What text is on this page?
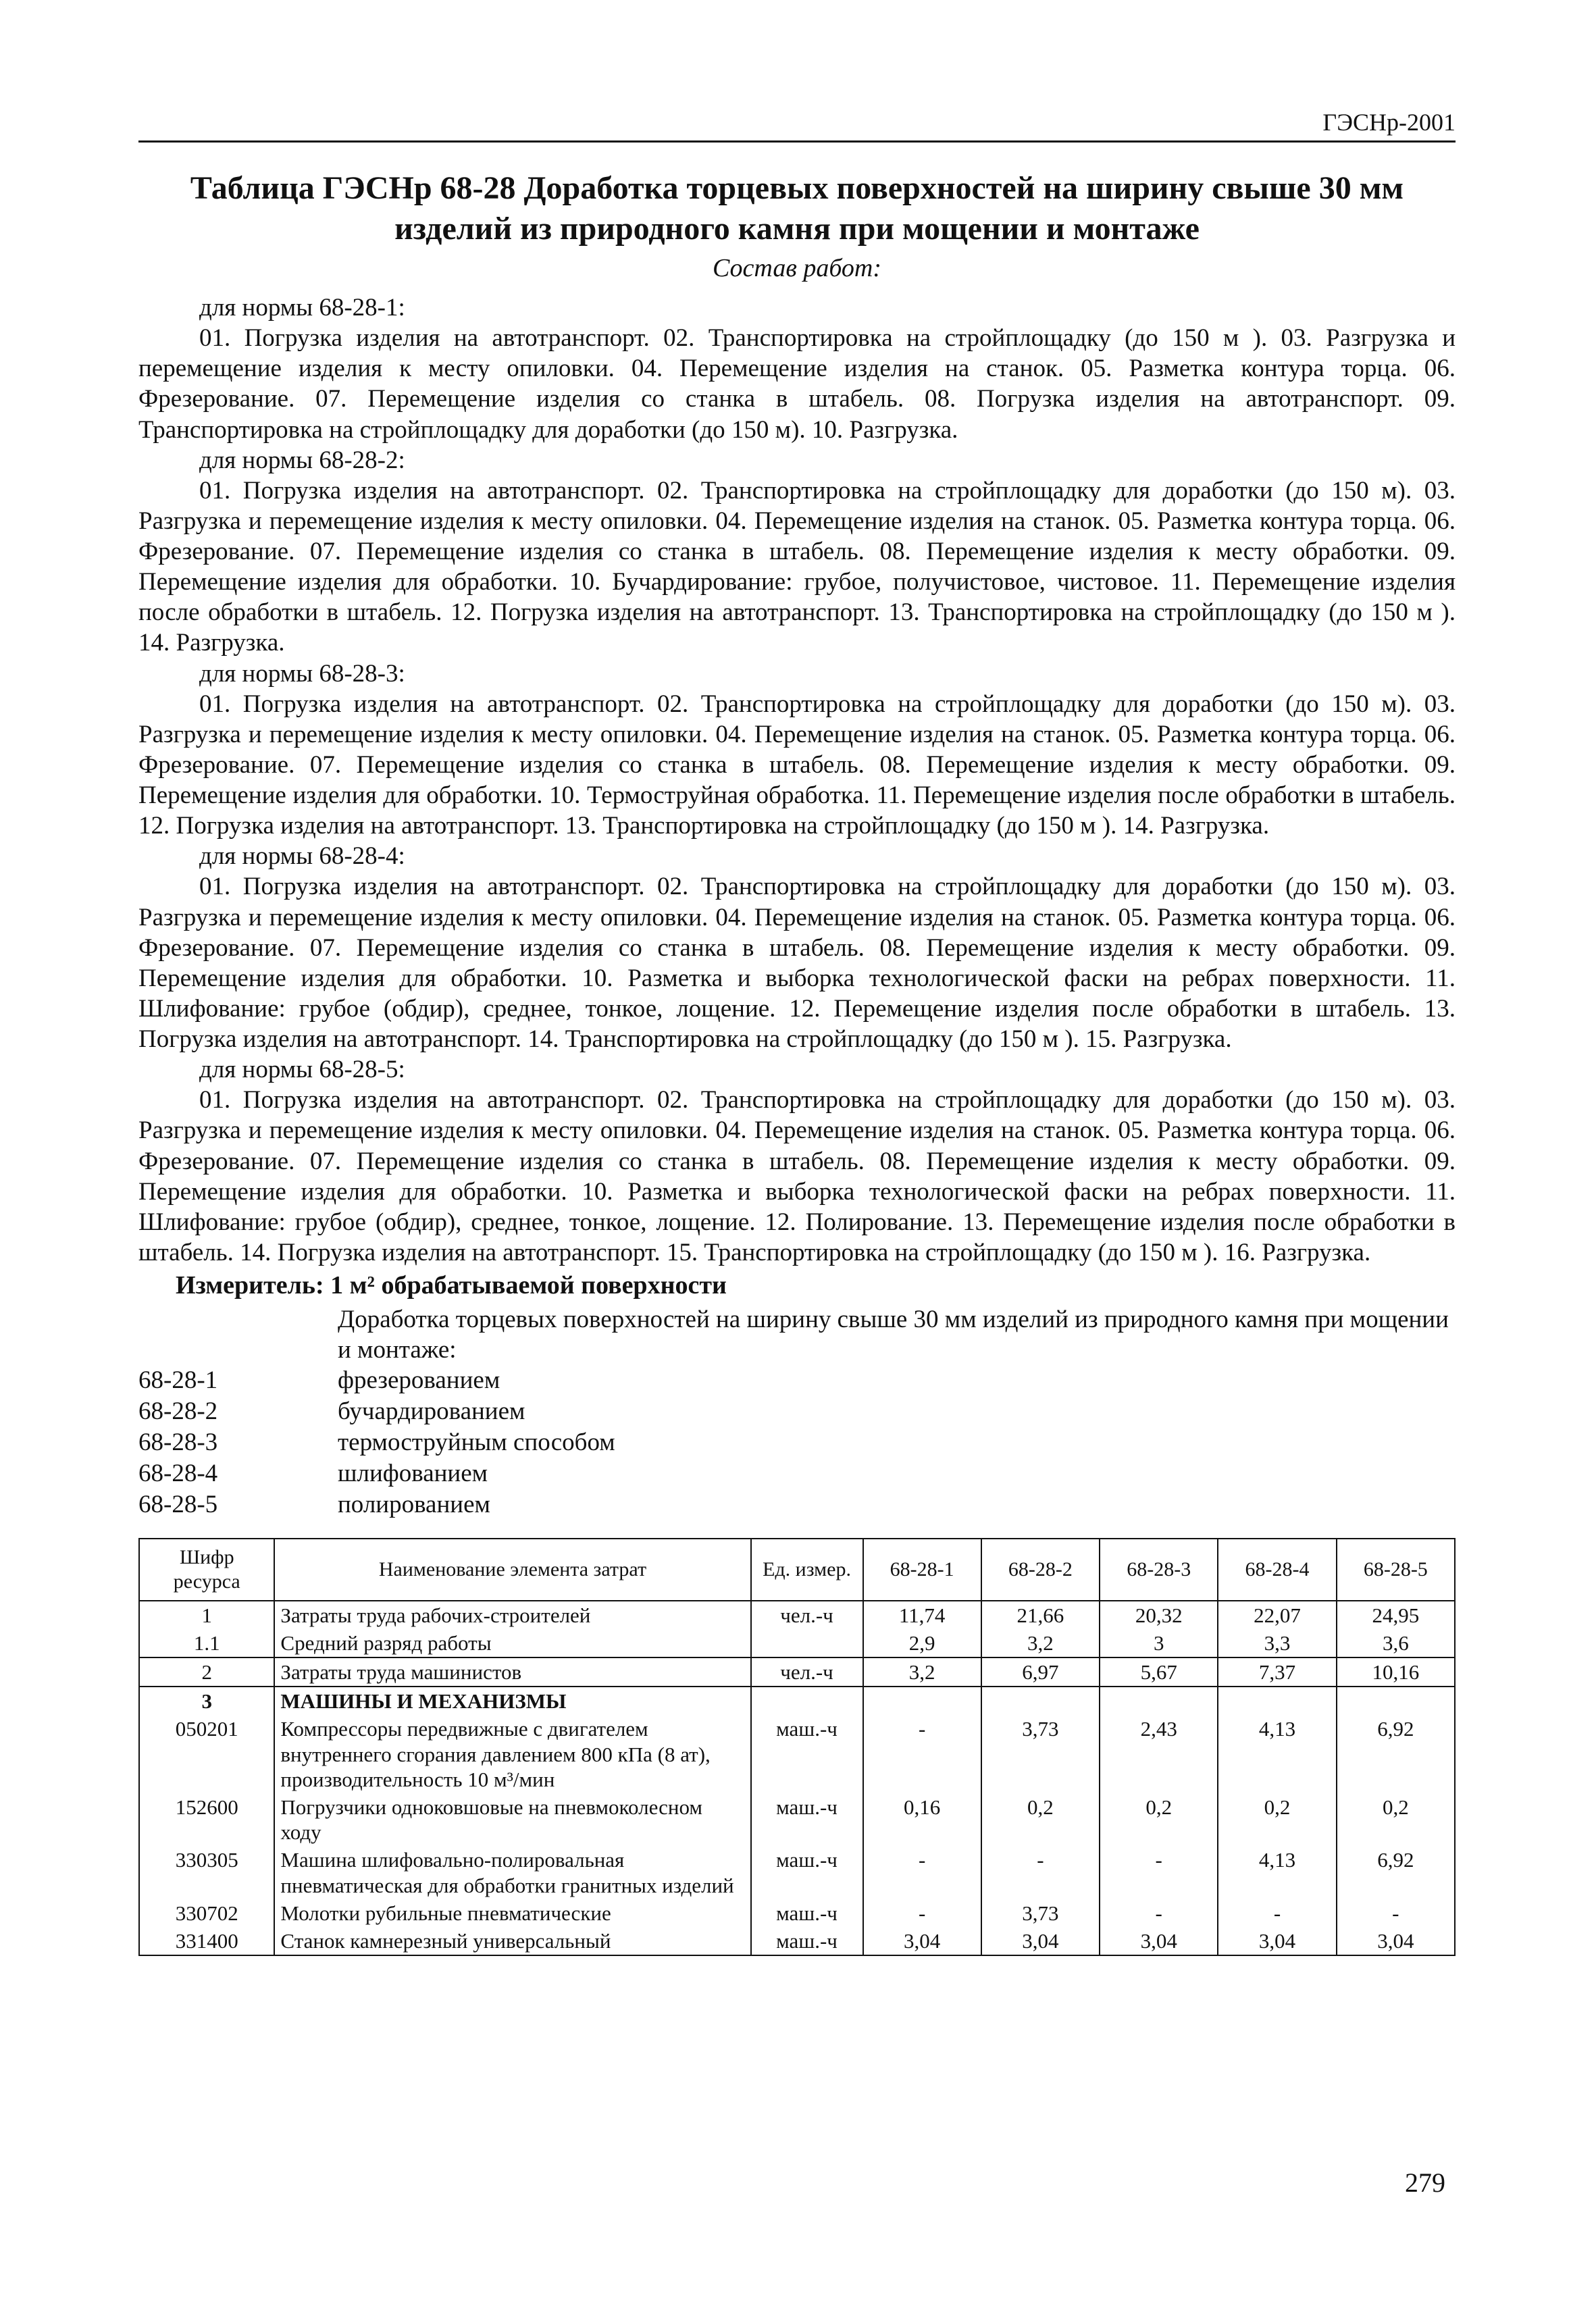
ГЭСНр-2001
Таблица ГЭСНр 68-28 Доработка торцевых поверхностей на ширину свыше 30 мм изделий из природного камня при мощении и монтаже
Состав работ:

для нормы 68-28-1:

01. Погрузка изделия на автотранспорт. 02. Транспортировка на стройплощадку (до 150 м ). 03. Разгрузка и перемещение изделия к месту опиловки. 04. Перемещение изделия на станок. 05. Разметка контура торца. 06. Фрезерование. 07. Перемещение изделия со станка в штабель. 08. Погрузка изделия на автотранспорт. 09. Транспортировка на стройплощадку для доработки (до 150 м). 10. Разгрузка.

для нормы 68-28-2:

01. Погрузка изделия на автотранспорт. 02. Транспортировка на стройплощадку для доработки (до 150 м). 03. Разгрузка и перемещение изделия к месту опиловки. 04. Перемещение изделия на станок. 05. Разметка контура торца. 06. Фрезерование. 07. Перемещение изделия со станка в штабель. 08. Перемещение изделия к месту обработки. 09. Перемещение изделия для обработки. 10. Бучардирование: грубое, получистовое, чистовое. 11. Перемещение изделия после обработки в штабель. 12. Погрузка изделия на автотранспорт. 13. Транспортировка на стройплощадку (до 150 м ). 14. Разгрузка.

для нормы 68-28-3:

01. Погрузка изделия на автотранспорт. 02. Транспортировка на стройплощадку для доработки (до 150 м). 03. Разгрузка и перемещение изделия к месту опиловки. 04. Перемещение изделия на станок. 05. Разметка контура торца. 06. Фрезерование. 07. Перемещение изделия со станка в штабель. 08. Перемещение изделия к месту обработки. 09. Перемещение изделия для обработки. 10. Термоструйная обработка. 11. Перемещение изделия после обработки в штабель. 12. Погрузка изделия на автотранспорт. 13. Транспортировка на стройплощадку (до 150 м ). 14. Разгрузка.

для нормы 68-28-4:

01. Погрузка изделия на автотранспорт. 02. Транспортировка на стройплощадку для доработки (до 150 м). 03. Разгрузка и перемещение изделия к месту опиловки. 04. Перемещение изделия на станок. 05. Разметка контура торца. 06. Фрезерование. 07. Перемещение изделия со станка в штабель. 08. Перемещение изделия к месту обработки. 09. Перемещение изделия для обработки. 10. Разметка и выборка технологической фаски на ребрах поверхности. 11. Шлифование: грубое (обдир), среднее, тонкое, лощение. 12. Перемещение изделия после обработки в штабель. 13. Погрузка изделия на автотранспорт. 14. Транспортировка на стройплощадку (до 150 м ). 15. Разгрузка.

для нормы 68-28-5:

01. Погрузка изделия на автотранспорт. 02. Транспортировка на стройплощадку для доработки (до 150 м). 03. Разгрузка и перемещение изделия к месту опиловки. 04. Перемещение изделия на станок. 05. Разметка контура торца. 06. Фрезерование. 07. Перемещение изделия со станка в штабель. 08. Перемещение изделия к месту обработки. 09. Перемещение изделия для обработки. 10. Разметка и выборка технологической фаски на ребрах поверхности. 11. Шлифование: грубое (обдир), среднее, тонкое, лощение. 12. Полирование. 13. Перемещение изделия после обработки в штабель. 14. Погрузка изделия на автотранспорт. 15. Транспортировка на стройплощадку (до 150 м ). 16. Разгрузка.

Измеритель: 1 м² обрабатываемой поверхности
Доработка торцевых поверхностей на ширину свыше 30 мм изделий из природного камня при мощении и монтаже:
68-28-1	фрезерованием
68-28-2	бучардированием
68-28-3	термоструйным способом
68-28-4	шлифованием
68-28-5	полированием
Шифр ресурса	Наименование элемента затрат	Ед. измер.	68-28-1	68-28-2	68-28-3	68-28-4	68-28-5
1	Затраты труда рабочих-строителей	чел.-ч	11,74	21,66	20,32	22,07	24,95
1.1	Средний разряд работы		2,9	3,2	3	3,3	3,6
2	Затраты труда машинистов	чел.-ч	3,2	6,97	5,67	7,37	10,16
3	МАШИНЫ И МЕХАНИЗМЫ						
050201	Компрессоры передвижные с двигателем внутреннего сгорания давлением 800 кПа (8 ат), производительность 10 м³/мин	маш.-ч	-	3,73	2,43	4,13	6,92
152600	Погрузчики одноковшовые на пневмоколесном ходу	маш.-ч	0,16	0,2	0,2	0,2	0,2
330305	Машина шлифовально-полировальная пневматическая для обработки гранитных изделий	маш.-ч	-	-	-	4,13	6,92
330702	Молотки рубильные пневматические	маш.-ч	-	3,73	-	-	-
331400	Станок камнерезный универсальный	маш.-ч	3,04	3,04	3,04	3,04	3,04
279
